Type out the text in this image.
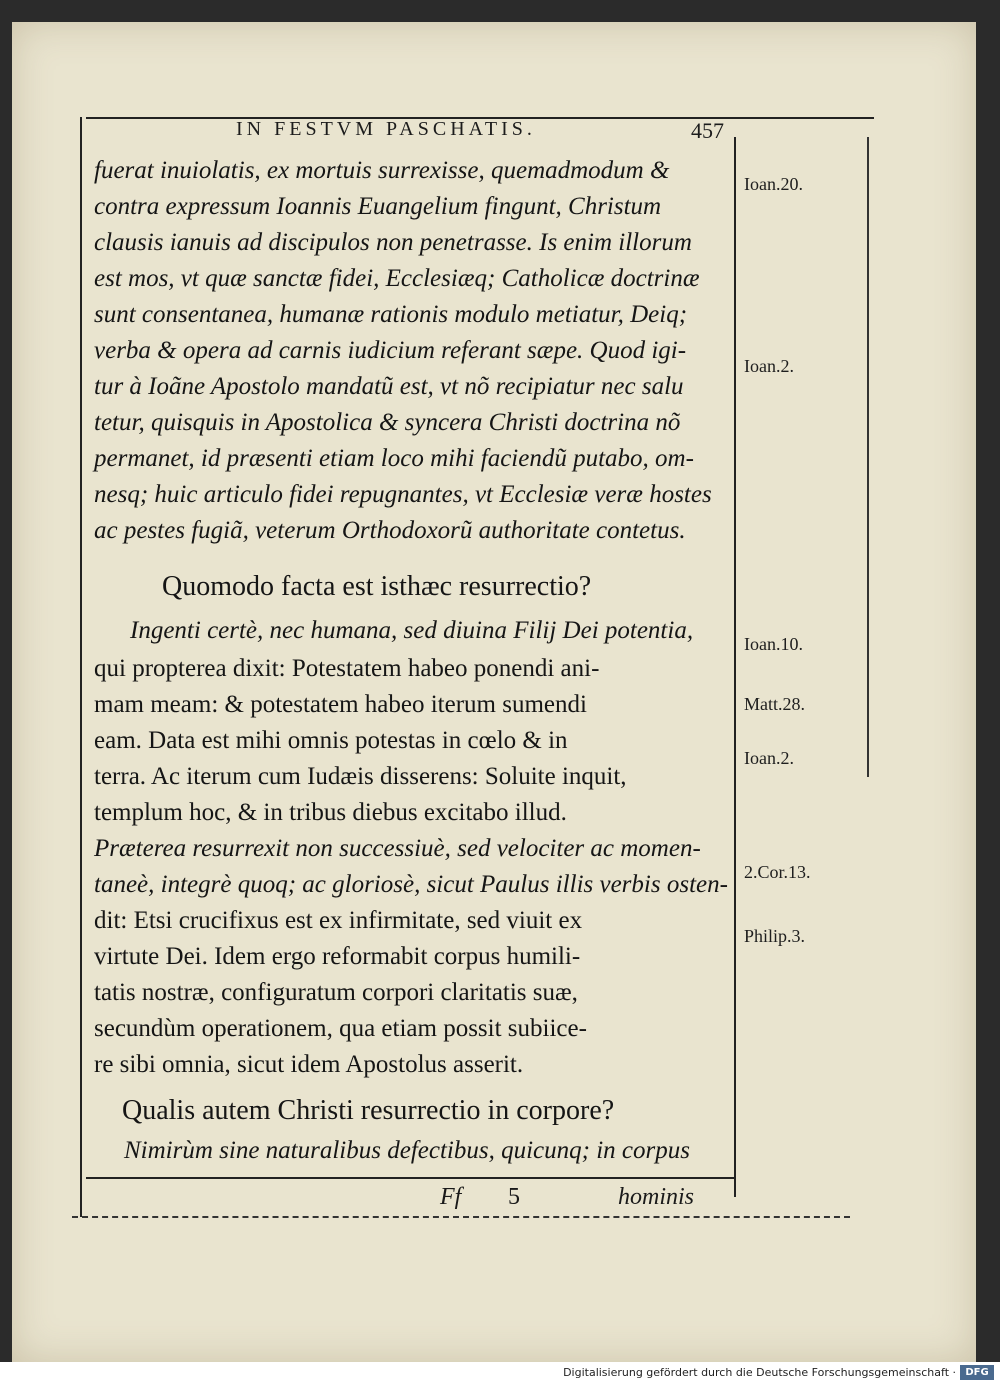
IN FESTVM PASCHATIS.	457
fuerat inuiolatis, ex mortuis surrexisse, quemadmodum &
contra expressum Ioannis Euangelium fingunt, Christum
clausis ianuis ad discipulos non penetrasse. Is enim illorum
est mos, vt quæ sanctæ fidei, Ecclesiæq; Catholicæ doctrinæ
sunt consentanea, humanæ rationis modulo metiatur, Deiq;
verba & opera ad carnis iudicium referant sæpe. Quod igi-
tur à Ioãne Apostolo mandatũ est, vt nõ recipiatur nec salu
tetur, quisquis in Apostolica & syncera Christi doctrina nõ
permanet, id præsenti etiam loco mihi faciendũ putabo, om-
nesq; huic articulo fidei repugnantes, vt Ecclesiæ veræ hostes
ac pestes fugiã, veterum Orthodoxorũ authoritate contetus.
Quomodo facta est isthæc resurrectio?
Ingenti certè, nec humana, sed diuina Filij Dei potentia,
qui propterea dixit: Potestatem habeo ponendi ani-
mam meam: & potestatem habeo iterum sumendi
eam. Data est mihi omnis potestas in cœlo & in
terra. Ac iterum cum Iudæis disserens: Soluite inquit,
templum hoc, & in tribus diebus excitabo illud.
Præterea resurrexit non successiuè, sed velociter ac momen-
taneè, integrè quoq; ac gloriosè, sicut Paulus illis verbis osten-
dit: Etsi crucifixus est ex infirmitate, sed viuit ex
virtute Dei. Idem ergo reformabit corpus humili-
tatis nostræ, configuratum corpori claritatis suæ,
secundùm operationem, qua etiam possit subiice-
re sibi omnia, sicut idem Apostolus asserit.
Qualis autem Christi resurrectio in corpore?
Nimirùm sine naturalibus defectibus, quicunq; in corpus
Ioan.20.
Ioan.2.
Ioan.10.
Matt.28.
Ioan.2.
2.Cor.13.
Philip.3.
Ff 5	hominis
Digitalisierung gefördert durch die Deutsche Forschungsgemeinschaft · DFG
